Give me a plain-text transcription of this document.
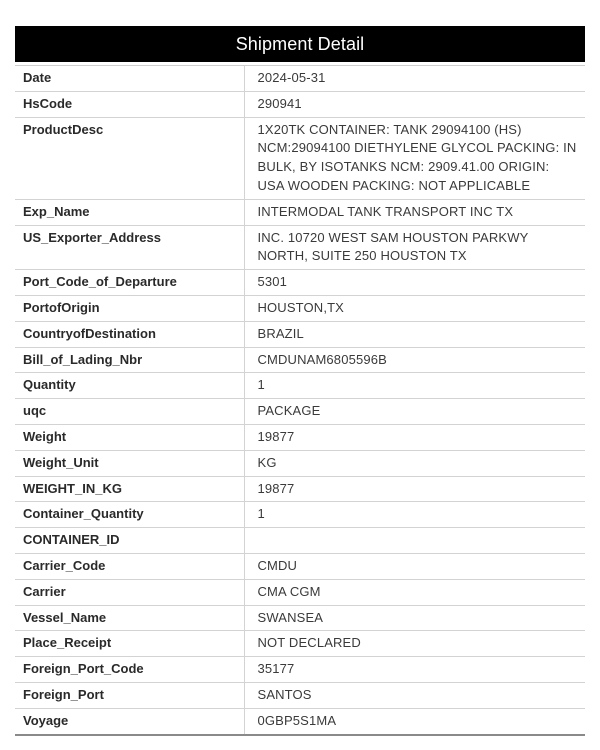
Shipment Detail
Date	2024-05-31
HsCode	290941
ProductDesc	1X20TK CONTAINER: TANK 29094100 (HS) NCM:29094100 DIETHYLENE GLYCOL PACKING: IN BULK, BY ISOTANKS NCM: 2909.41.00 ORIGIN: USA WOODEN PACKING: NOT APPLICABLE
Exp_Name	INTERMODAL TANK TRANSPORT INC TX
US_Exporter_Address	INC. 10720 WEST SAM HOUSTON PARKWY NORTH, SUITE 250 HOUSTON TX
Port_Code_of_Departure	5301
PortofOrigin	HOUSTON,TX
CountryofDestination	BRAZIL
Bill_of_Lading_Nbr	CMDUNAM6805596B
Quantity	1
uqc	PACKAGE
Weight	19877
Weight_Unit	KG
WEIGHT_IN_KG	19877
Container_Quantity	1
CONTAINER_ID	
Carrier_Code	CMDU
Carrier	CMA CGM
Vessel_Name	SWANSEA
Place_Receipt	NOT DECLARED
Foreign_Port_Code	35177
Foreign_Port	SANTOS
Voyage	0GBP5S1MA
